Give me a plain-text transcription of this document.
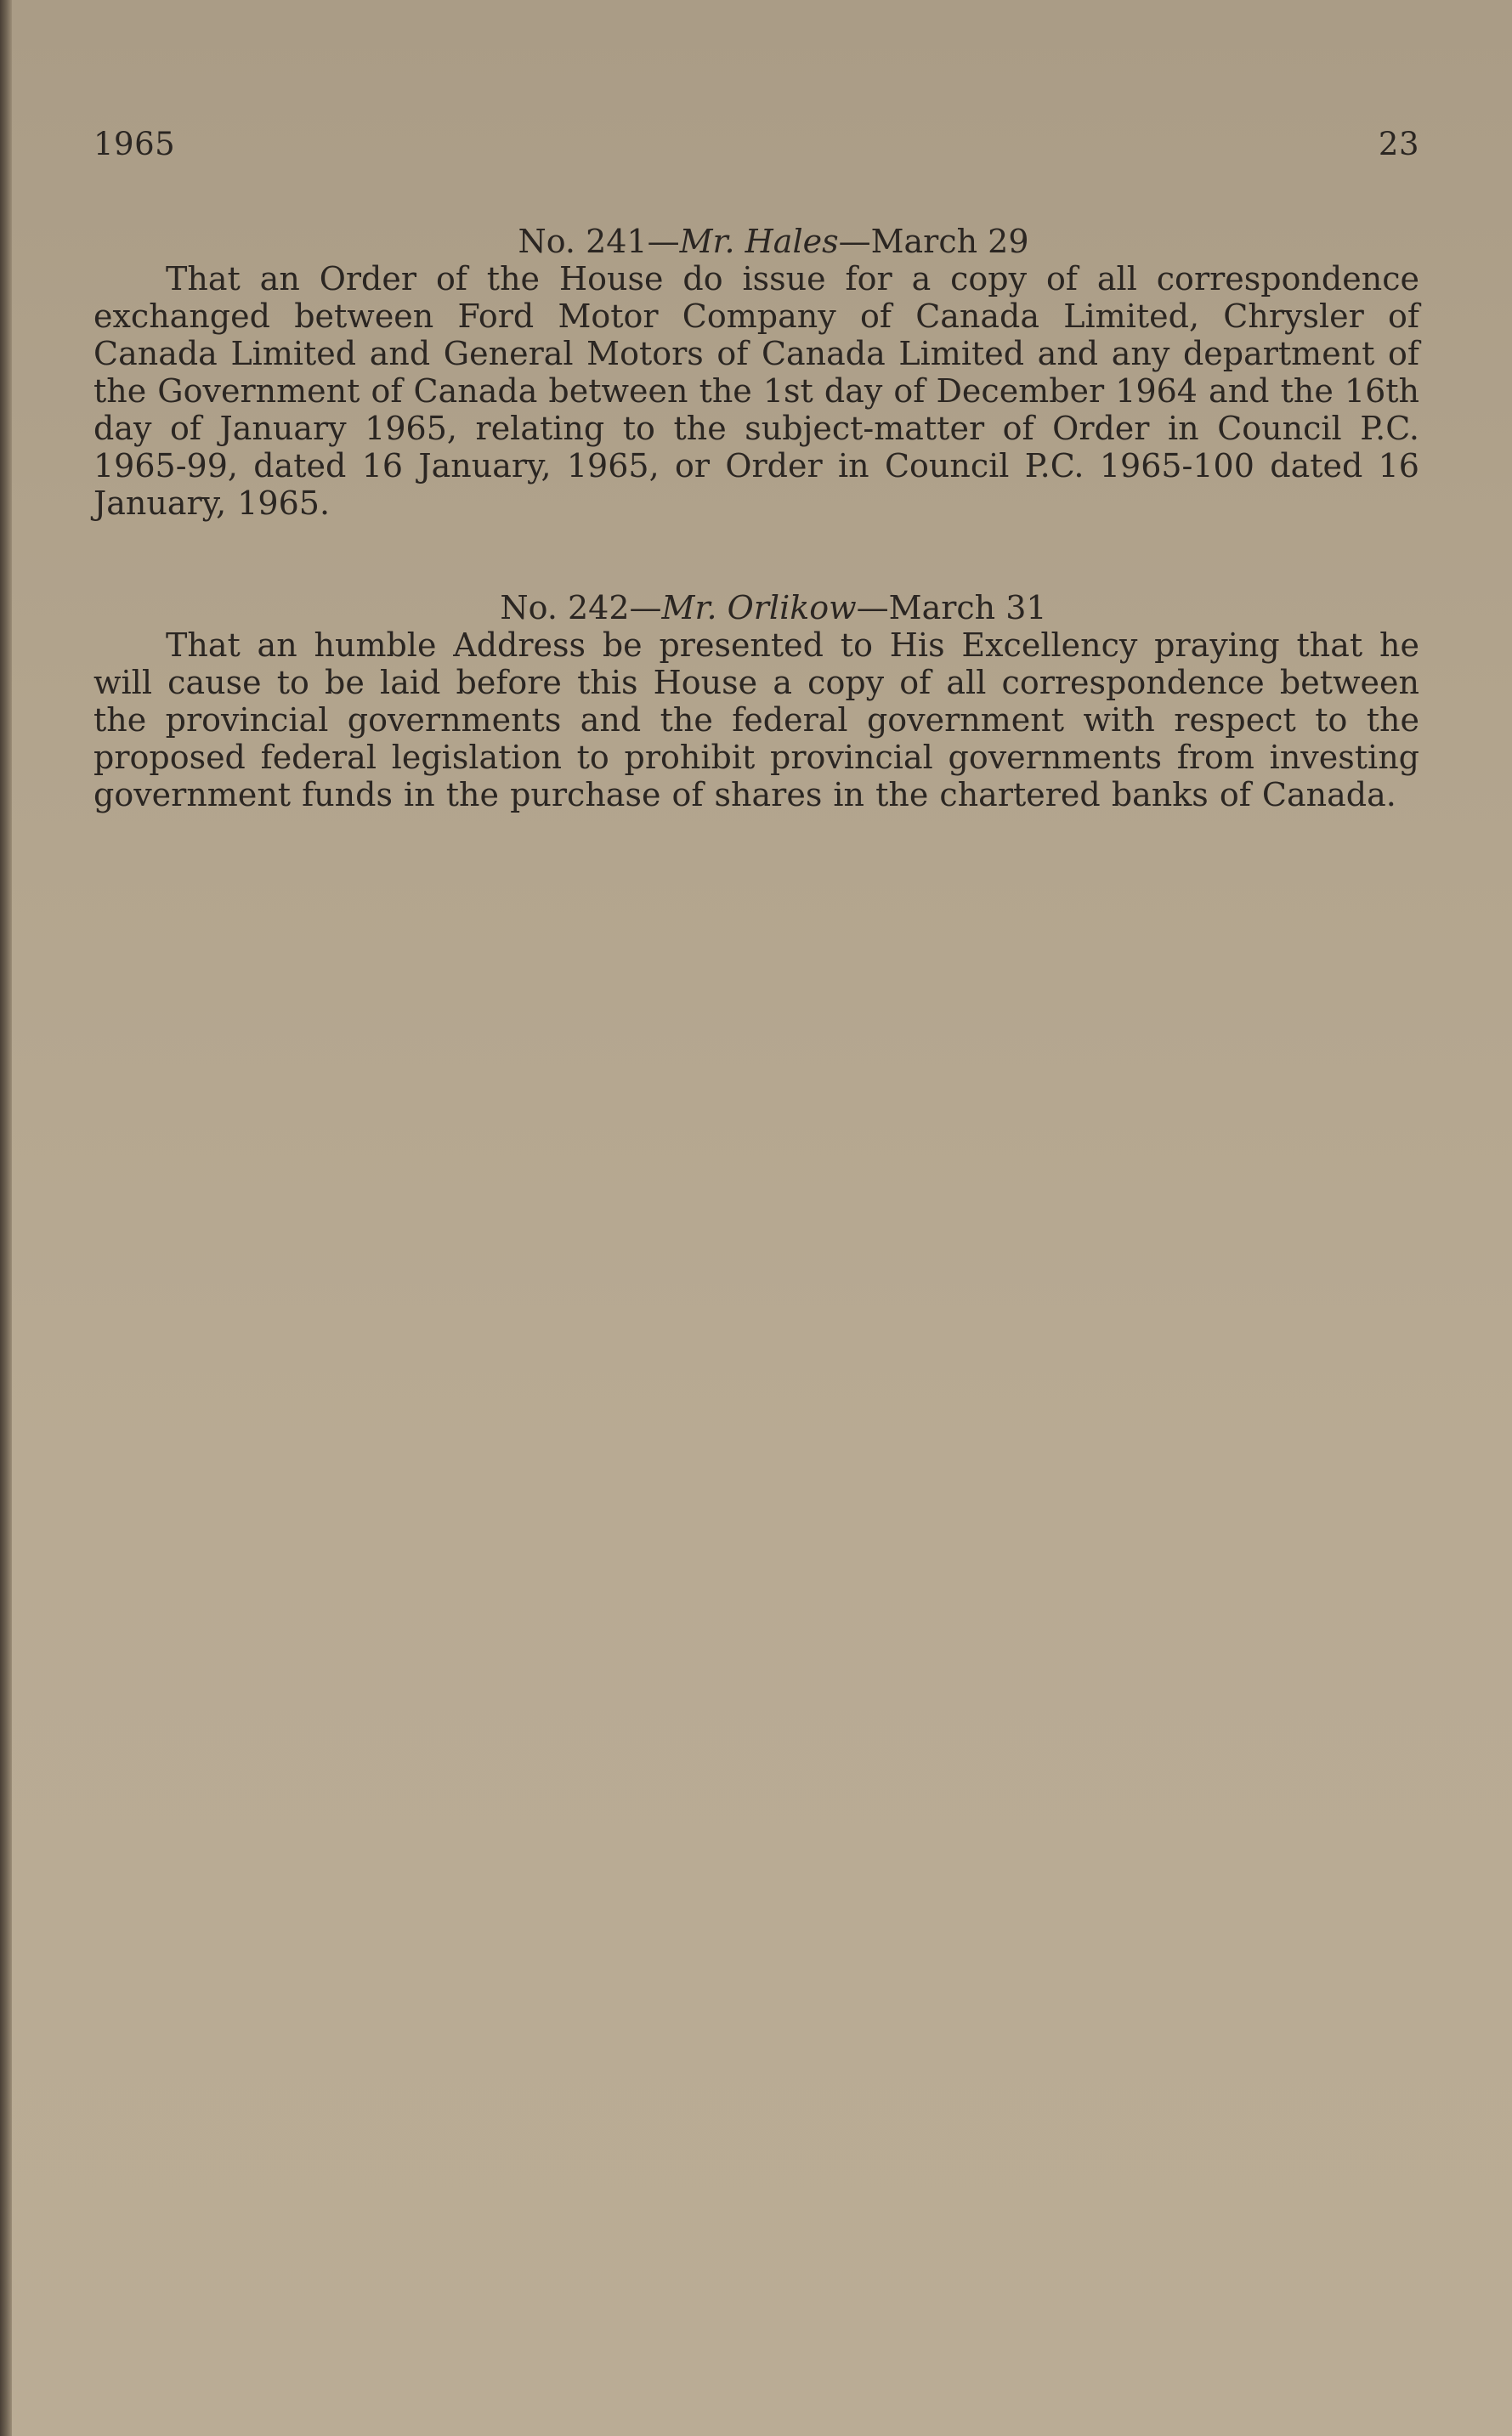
1965	23

No. 241—Mr. Hales—March 29

That an Order of the House do issue for a copy of all correspondence exchanged between Ford Motor Company of Canada Limited, Chrysler of Canada Limited and General Motors of Canada Limited and any department of the Government of Canada between the 1st day of December 1964 and the 16th day of January 1965, relating to the subject-matter of Order in Council P.C. 1965-99, dated 16 January, 1965, or Order in Council P.C. 1965-100 dated 16 January, 1965.

No. 242—Mr. Orlikow—March 31

That an humble Address be presented to His Excellency praying that he will cause to be laid before this House a copy of all correspondence between the provincial governments and the federal government with respect to the proposed federal legislation to prohibit provincial governments from investing government funds in the purchase of shares in the chartered banks of Canada.
